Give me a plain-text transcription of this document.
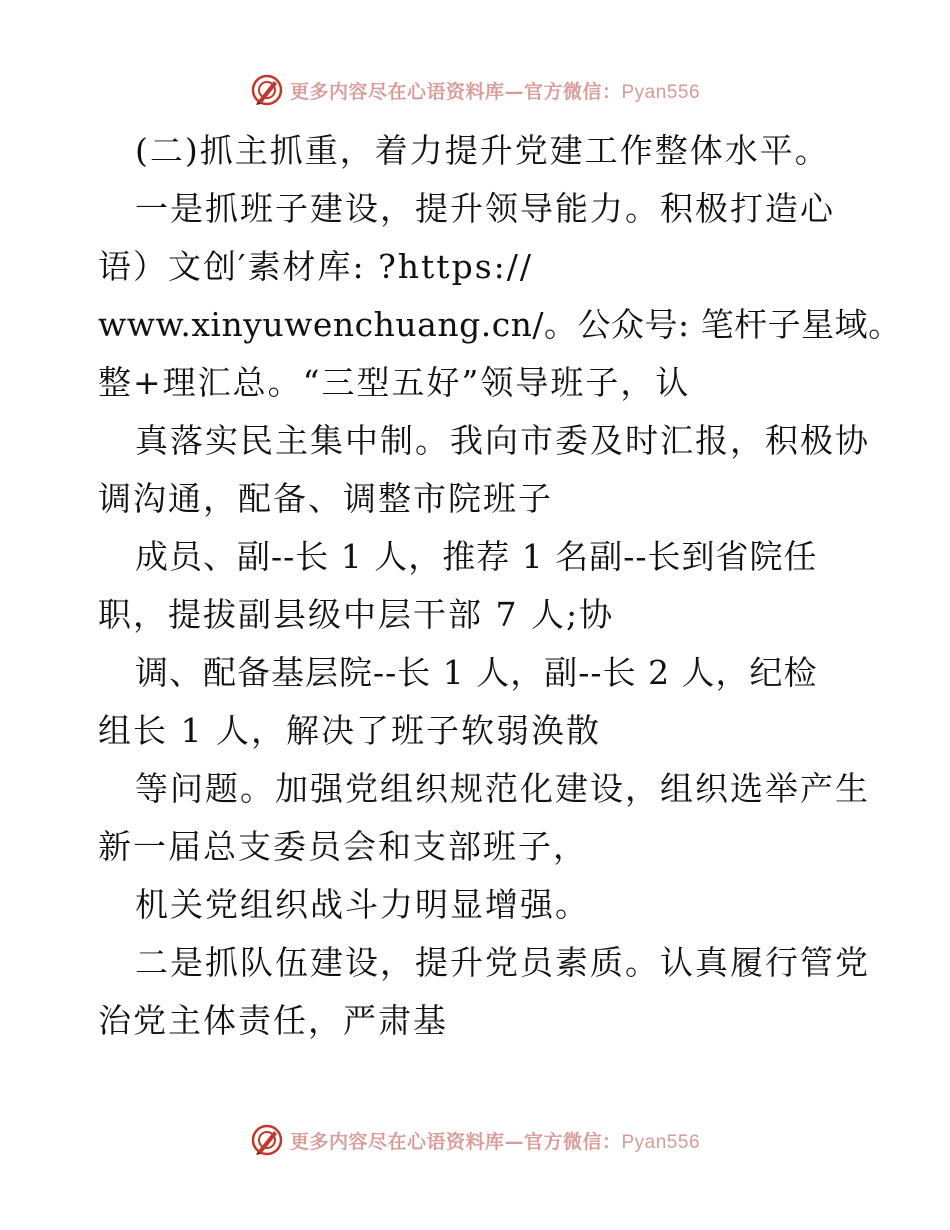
更多内容尽在心语资料库—官方微信：Pyan556
(二)抓主抓重，着力提升党建工作整体水平。
一是抓班子建设，提升领导能力。积极打造心
语）文创′素材库: ?https://
www.xinyuwenchuang.cn/。公众号: 笔杆子星域。
整+理汇总。“三型五好”领导班子，认
真落实民主集中制。我向市委及时汇报，积极协
调沟通，配备、调整市院班子
成员、副--长 1 人，推荐 1 名副--长到省院任
职，提拔副县级中层干部 7 人;协
调、配备基层院--长 1 人，副--长 2 人，纪检
组长 1 人，解决了班子软弱涣散
等问题。加强党组织规范化建设，组织选举产生
新一届总支委员会和支部班子，
机关党组织战斗力明显增强。
二是抓队伍建设，提升党员素质。认真履行管党
治党主体责任，严肃基
更多内容尽在心语资料库—官方微信：Pyan556
